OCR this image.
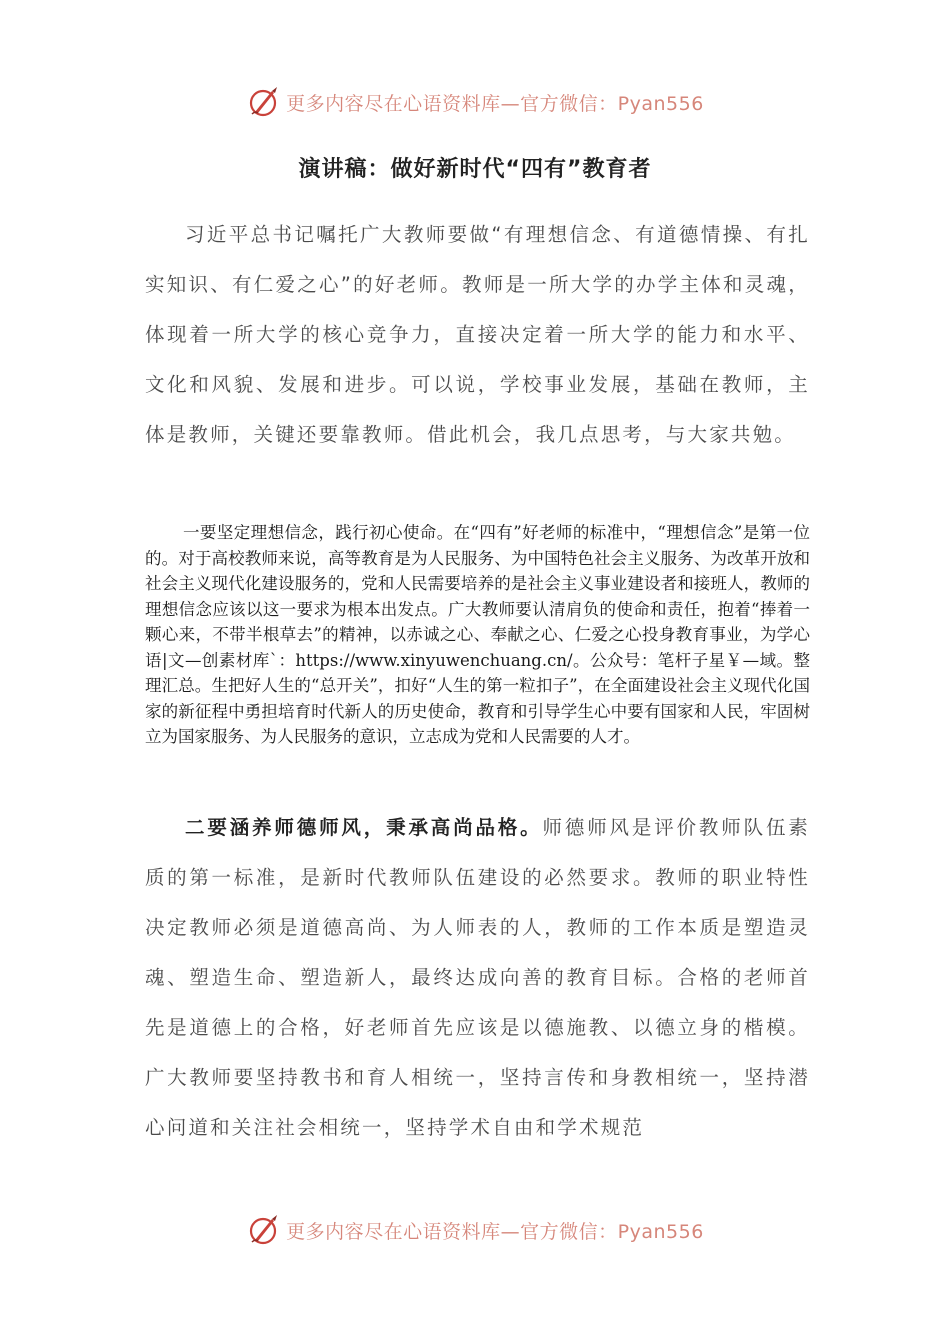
更多内容尽在心语资料库—官方微信：Pyan556
演讲稿：做好新时代“四有”教育者

习近平总书记嘱托广大教师要做“有理想信念、有道德情操、有扎实知识、有仁爱之心”的好老师。教师是一所大学的办学主体和灵魂，体现着一所大学的核心竞争力，直接决定着一所大学的能力和水平、文化和风貌、发展和进步。可以说，学校事业发展，基础在教师，主体是教师，关键还要靠教师。借此机会，我几点思考，与大家共勉。

一要坚定理想信念，践行初心使命。在“四有”好老师的标准中，“理想信念”是第一位的。对于高校教师来说，高等教育是为人民服务、为中国特色社会主义服务、为改革开放和社会主义现代化建设服务的，党和人民需要培养的是社会主义事业建设者和接班人，教师的理想信念应该以这一要求为根本出发点。广大教师要认清肩负的使命和责任，抱着“捧着一颗心来，不带半根草去”的精神，以赤诚之心、奉献之心、仁爱之心投身教育事业，为学心语|文—创素材库`：https://www.xinyuwenchuang.cn/。公众号：笔杆子星￥—域。整理汇总。生把好人生的“总开关”，扣好“人生的第一粒扣子”，在全面建设社会主义现代化国家的新征程中勇担培育时代新人的历史使命，教育和引导学生心中要有国家和人民，牢固树立为国家服务、为人民服务的意识，立志成为党和人民需要的人才。

二要涵养师德师风，秉承高尚品格。师德师风是评价教师队伍素质的第一标准，是新时代教师队伍建设的必然要求。教师的职业特性决定教师必须是道德高尚、为人师表的人，教师的工作本质是塑造灵魂、塑造生命、塑造新人，最终达成向善的教育目标。合格的老师首先是道德上的合格，好老师首先应该是以德施教、以德立身的楷模。广大教师要坚持教书和育人相统一，坚持言传和身教相统一，坚持潜心问道和关注社会相统一，坚持学术自由和学术规范

更多内容尽在心语资料库—官方微信：Pyan556
